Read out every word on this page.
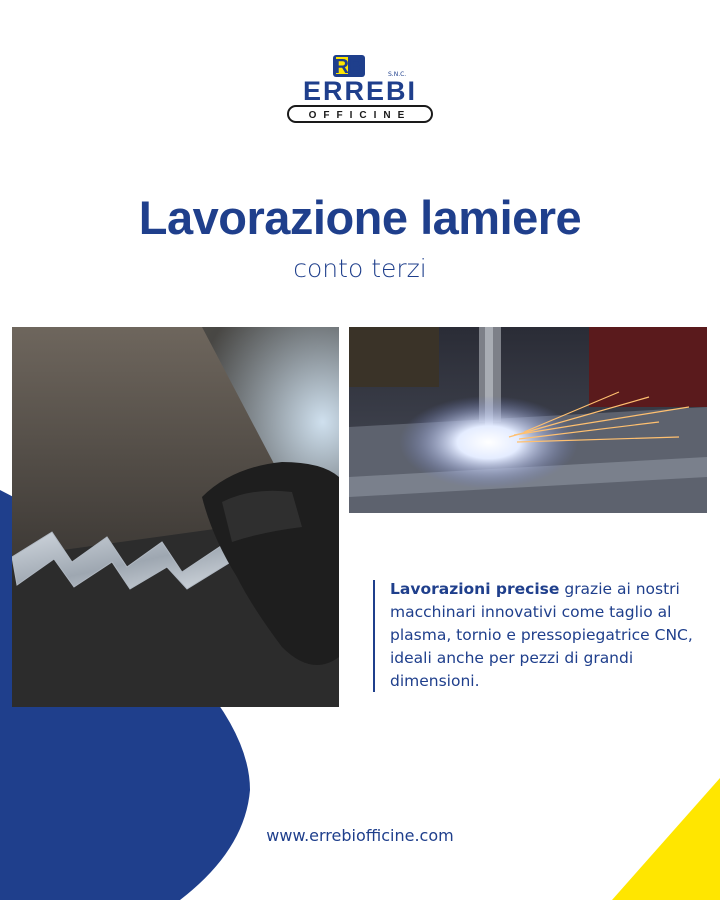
RB	S.N.C.
ERREBI
OFFICINE
Lavorazione lamiere
conto terzi
Lavorazioni precise grazie ai nostri macchinari innovativi come taglio al plasma, tornio e pressopiegatrice CNC, ideali anche per pezzi di grandi dimensioni.
www.errebiofficine.com
